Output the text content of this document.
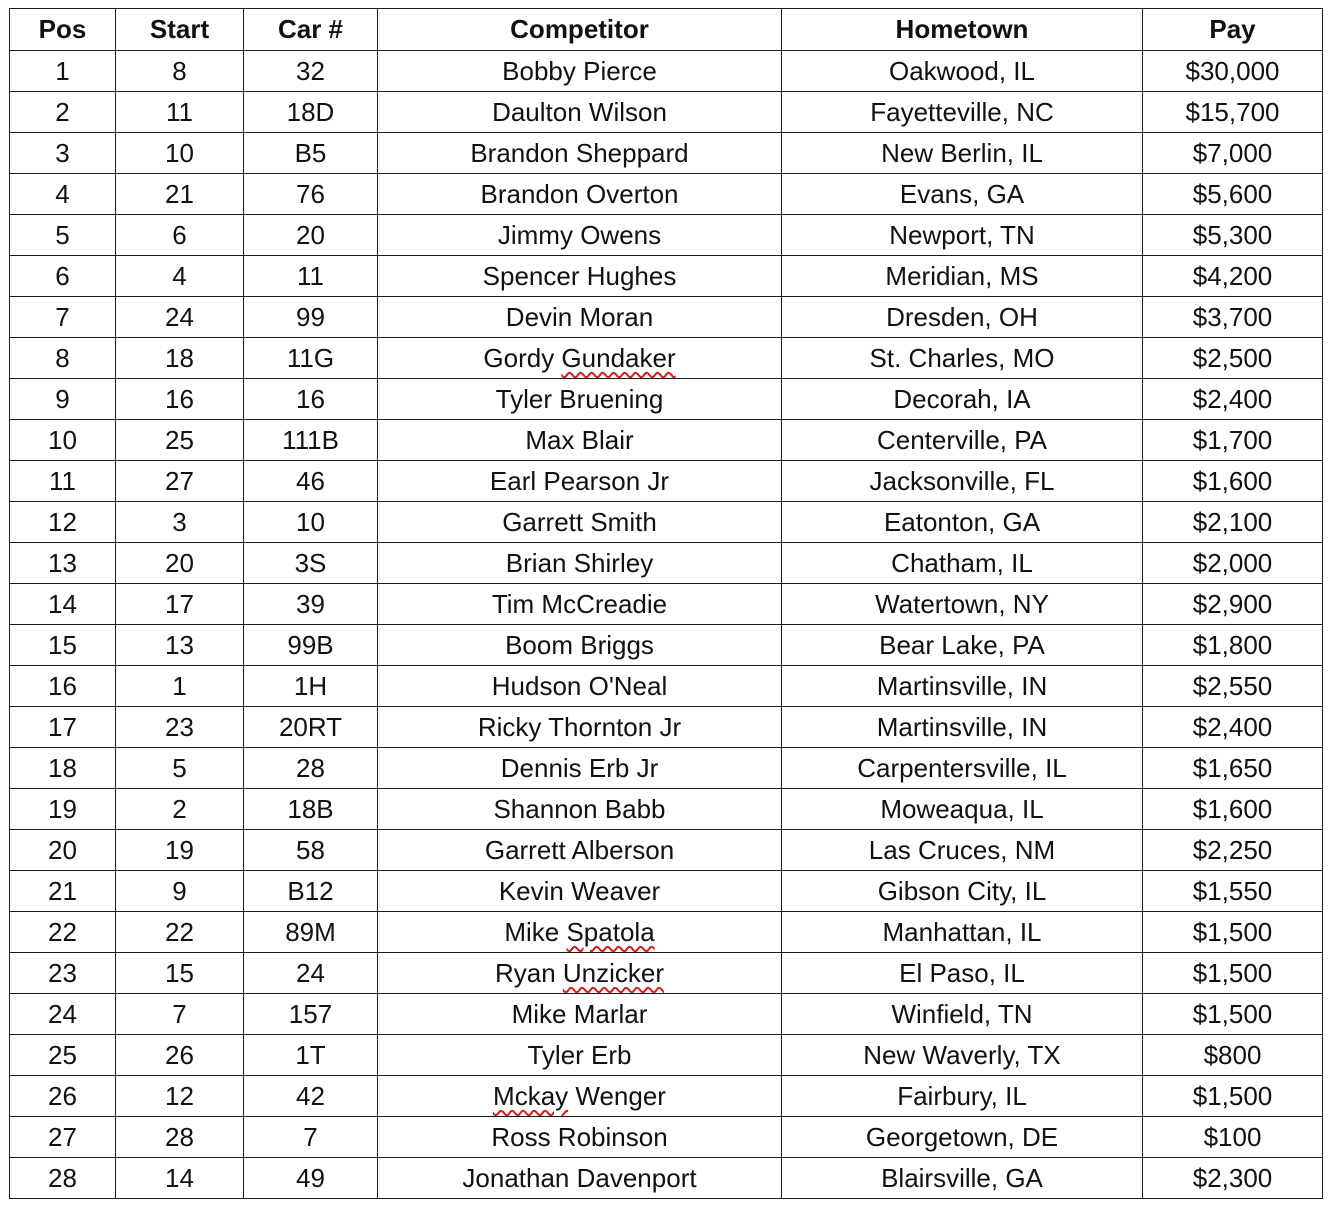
Pos	Start	Car #	Competitor	Hometown	Pay
1	8	32	Bobby Pierce	Oakwood, IL	$30,000
2	11	18D	Daulton Wilson	Fayetteville, NC	$15,700
3	10	B5	Brandon Sheppard	New Berlin, IL	$7,000
4	21	76	Brandon Overton	Evans, GA	$5,600
5	6	20	Jimmy Owens	Newport, TN	$5,300
6	4	11	Spencer Hughes	Meridian, MS	$4,200
7	24	99	Devin Moran	Dresden, OH	$3,700
8	18	11G	Gordy Gundaker	St. Charles, MO	$2,500
9	16	16	Tyler Bruening	Decorah, IA	$2,400
10	25	111B	Max Blair	Centerville, PA	$1,700
11	27	46	Earl Pearson Jr	Jacksonville, FL	$1,600
12	3	10	Garrett Smith	Eatonton, GA	$2,100
13	20	3S	Brian Shirley	Chatham, IL	$2,000
14	17	39	Tim McCreadie	Watertown, NY	$2,900
15	13	99B	Boom Briggs	Bear Lake, PA	$1,800
16	1	1H	Hudson O'Neal	Martinsville, IN	$2,550
17	23	20RT	Ricky Thornton Jr	Martinsville, IN	$2,400
18	5	28	Dennis Erb Jr	Carpentersville, IL	$1,650
19	2	18B	Shannon Babb	Moweaqua, IL	$1,600
20	19	58	Garrett Alberson	Las Cruces, NM	$2,250
21	9	B12	Kevin Weaver	Gibson City, IL	$1,550
22	22	89M	Mike Spatola	Manhattan, IL	$1,500
23	15	24	Ryan Unzicker	El Paso, IL	$1,500
24	7	157	Mike Marlar	Winfield, TN	$1,500
25	26	1T	Tyler Erb	New Waverly, TX	$800
26	12	42	Mckay Wenger	Fairbury, IL	$1,500
27	28	7	Ross Robinson	Georgetown, DE	$100
28	14	49	Jonathan Davenport	Blairsville, GA	$2,300
